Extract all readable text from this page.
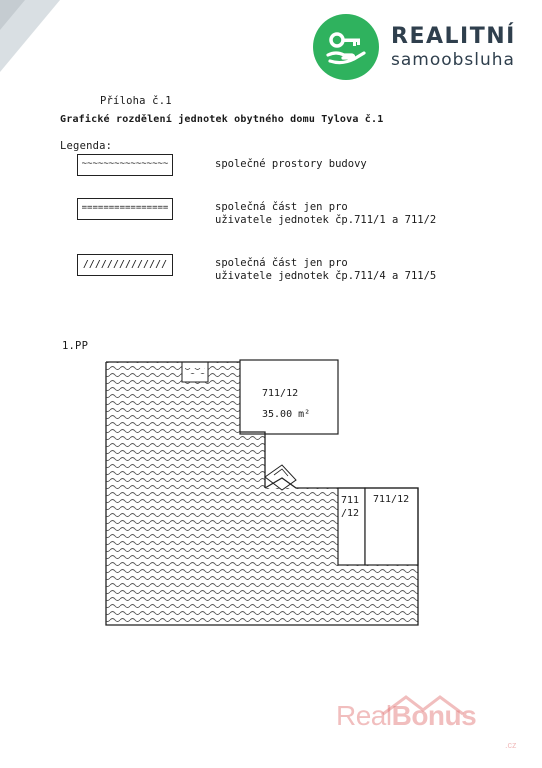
REALITNÍ
samoobsluha
Příloha č.1
Grafické rozdělení jednotek obytného domu Tylova č.1
Legenda:
~~~~~~~~~~~~~~~~	společné prostory budovy
================	společná část jen pro
uživatele jednotek čp.711/1 a 711/2
//////////////	společná část jen pro
uživatele jednotek čp.711/4 a 711/5
1.PP
711/12
35.00 m²
711
/12
711/12
RealBonus
.cz
